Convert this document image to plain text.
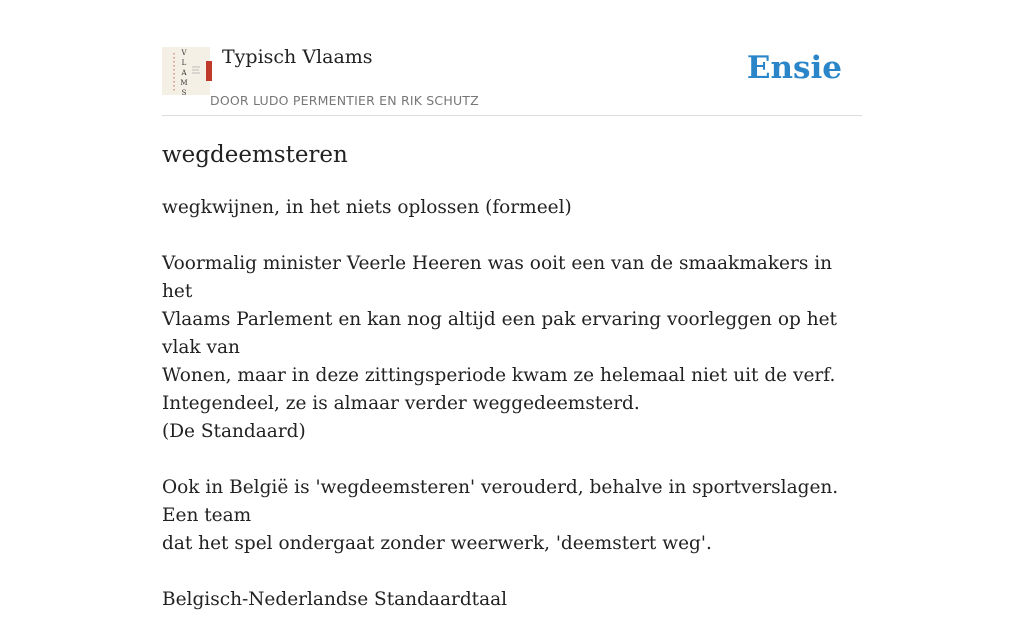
V
L
A
M
S
Typisch Vlaams
DOOR LUDO PERMENTIER EN RIK SCHUTZ
Ensie
wegdeemsteren

wegkwijnen, in het niets oplossen (formeel)

Voormalig minister Veerle Heeren was ooit een van de smaakmakers in het
Vlaams Parlement en kan nog altijd een pak ervaring voorleggen op het vlak van
Wonen, maar in deze zittingsperiode kwam ze helemaal niet uit de verf.
Integendeel, ze is almaar verder weggedeemsterd.
(De Standaard)

Ook in België is 'wegdeemsteren' verouderd, behalve in sportverslagen. Een team
dat het spel ondergaat zonder weerwerk, 'deemstert weg'.

Belgisch-Nederlandse Standaardtaal
